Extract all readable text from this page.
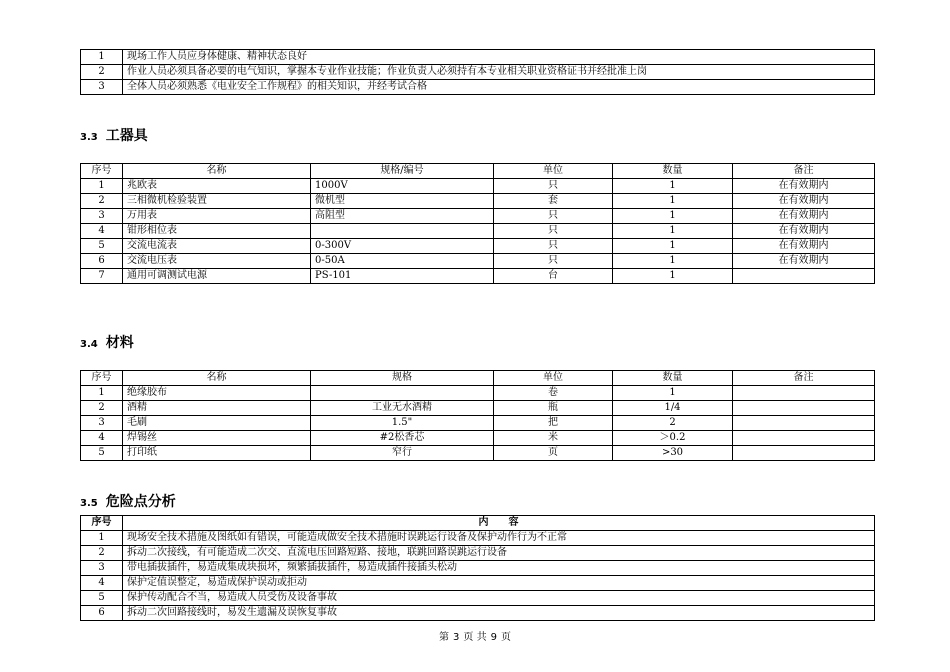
1	现场工作人员应身体健康、精神状态良好
2	作业人员必须具备必要的电气知识，掌握本专业作业技能；作业负责人必须持有本专业相关职业资格证书并经批准上岗
3	全体人员必须熟悉《电业安全工作规程》的相关知识，并经考试合格
3.3 工器具
序号	名称	规格/编号	单位	数量	备注
1	兆欧表	1000V	只	1	在有效期内
2	三相微机检验装置	微机型	套	1	在有效期内
3	万用表	高阻型	只	1	在有效期内
4	钳形相位表		只	1	在有效期内
5	交流电流表	0-300V	只	1	在有效期内
6	交流电压表	0-50A	只	1	在有效期内
7	通用可调测试电源	PS-101	台	1	
3.4 材料
序号	名称	规格	单位	数量	备注
1	绝缘胶布		卷	1	
2	酒精	工业无水酒精	瓶	1/4	
3	毛刷	1.5"	把	2	
4	焊锡丝	#2松香芯	米	＞0.2	
5	打印纸	窄行	页	>30	
3.5 危险点分析
序号	内　　容
1	现场安全技术措施及图纸如有错误，可能造成做安全技术措施时误跳运行设备及保护动作行为不正常
2	拆动二次接线，有可能造成二次交、直流电压回路短路、接地，联跳回路误跳运行设备
3	带电插拔插件，易造成集成块损坏，频繁插拔插件，易造成插件接插头松动
4	保护定值误整定，易造成保护误动或拒动
5	保护传动配合不当，易造成人员受伤及设备事故
6	拆动二次回路接线时，易发生遗漏及误恢复事故
第 3 页 共 9 页
